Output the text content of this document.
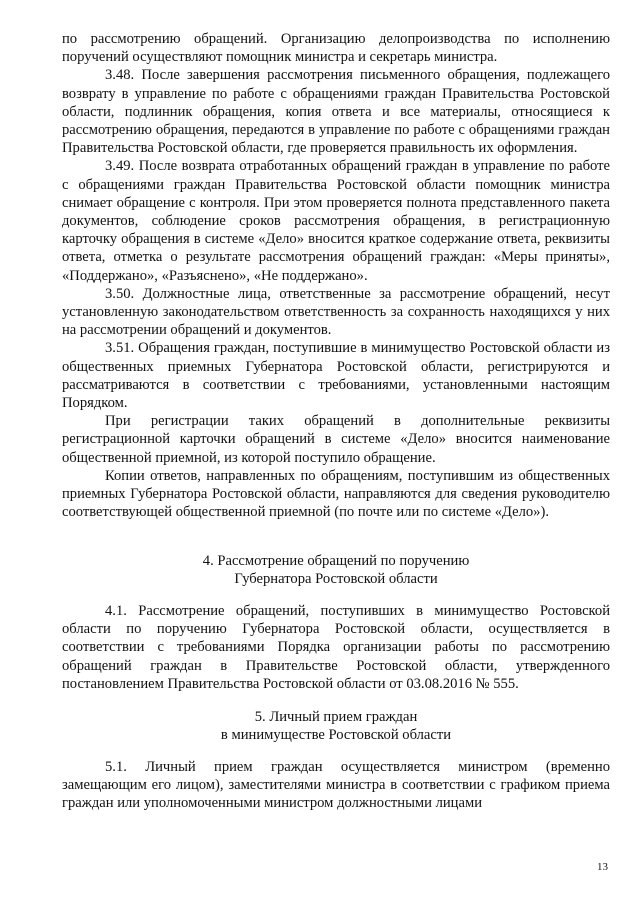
по рассмотрению обращений. Организацию делопроизводства по исполнению поручений осуществляют помощник министра и секретарь министра.

3.48. После завершения рассмотрения письменного обращения, подлежащего возврату в управление по работе с обращениями граждан Правительства Ростовской области, подлинник обращения, копия ответа и все материалы, относящиеся к рассмотрению обращения, передаются в управление по работе с обращениями граждан Правительства Ростовской области, где проверяется правильность их оформления.

3.49. После возврата отработанных обращений граждан в управление по работе с обращениями граждан Правительства Ростовской области помощник министра снимает обращение с контроля. При этом проверяется полнота представленного пакета документов, соблюдение сроков рассмотрения обращения, в регистрационную карточку обращения в системе «Дело» вносится краткое содержание ответа, реквизиты ответа, отметка о результате рассмотрения обращений граждан: «Меры приняты», «Поддержано», «Разъяснено», «Не поддержано».

3.50. Должностные лица, ответственные за рассмотрение обращений, несут установленную законодательством ответственность за сохранность находящихся у них на рассмотрении обращений и документов.

3.51. Обращения граждан, поступившие в минимущество Ростовской области из общественных приемных Губернатора Ростовской области, регистрируются и рассматриваются в соответствии с требованиями, установленными настоящим Порядком.

При регистрации таких обращений в дополнительные реквизиты регистрационной карточки обращений в системе «Дело» вносится наименование общественной приемной, из которой поступило обращение.

Копии ответов, направленных по обращениям, поступившим из общественных приемных Губернатора Ростовской области, направляются для сведения руководителю соответствующей общественной приемной (по почте или по системе «Дело»).

4. Рассмотрение обращений по поручению

Губернатора Ростовской области

4.1. Рассмотрение обращений, поступивших в минимущество Ростовской области по поручению Губернатора Ростовской области, осуществляется в соответствии с требованиями Порядка организации работы по рассмотрению обращений граждан в Правительстве Ростовской области, утвержденного постановлением Правительства Ростовской области от 03.08.2016 № 555.

5. Личный прием граждан

в минимуществе Ростовской области

5.1. Личный прием граждан осуществляется министром (временно замещающим его лицом), заместителями министра в соответствии с графиком приема граждан или уполномоченными министром должностными лицами

13
